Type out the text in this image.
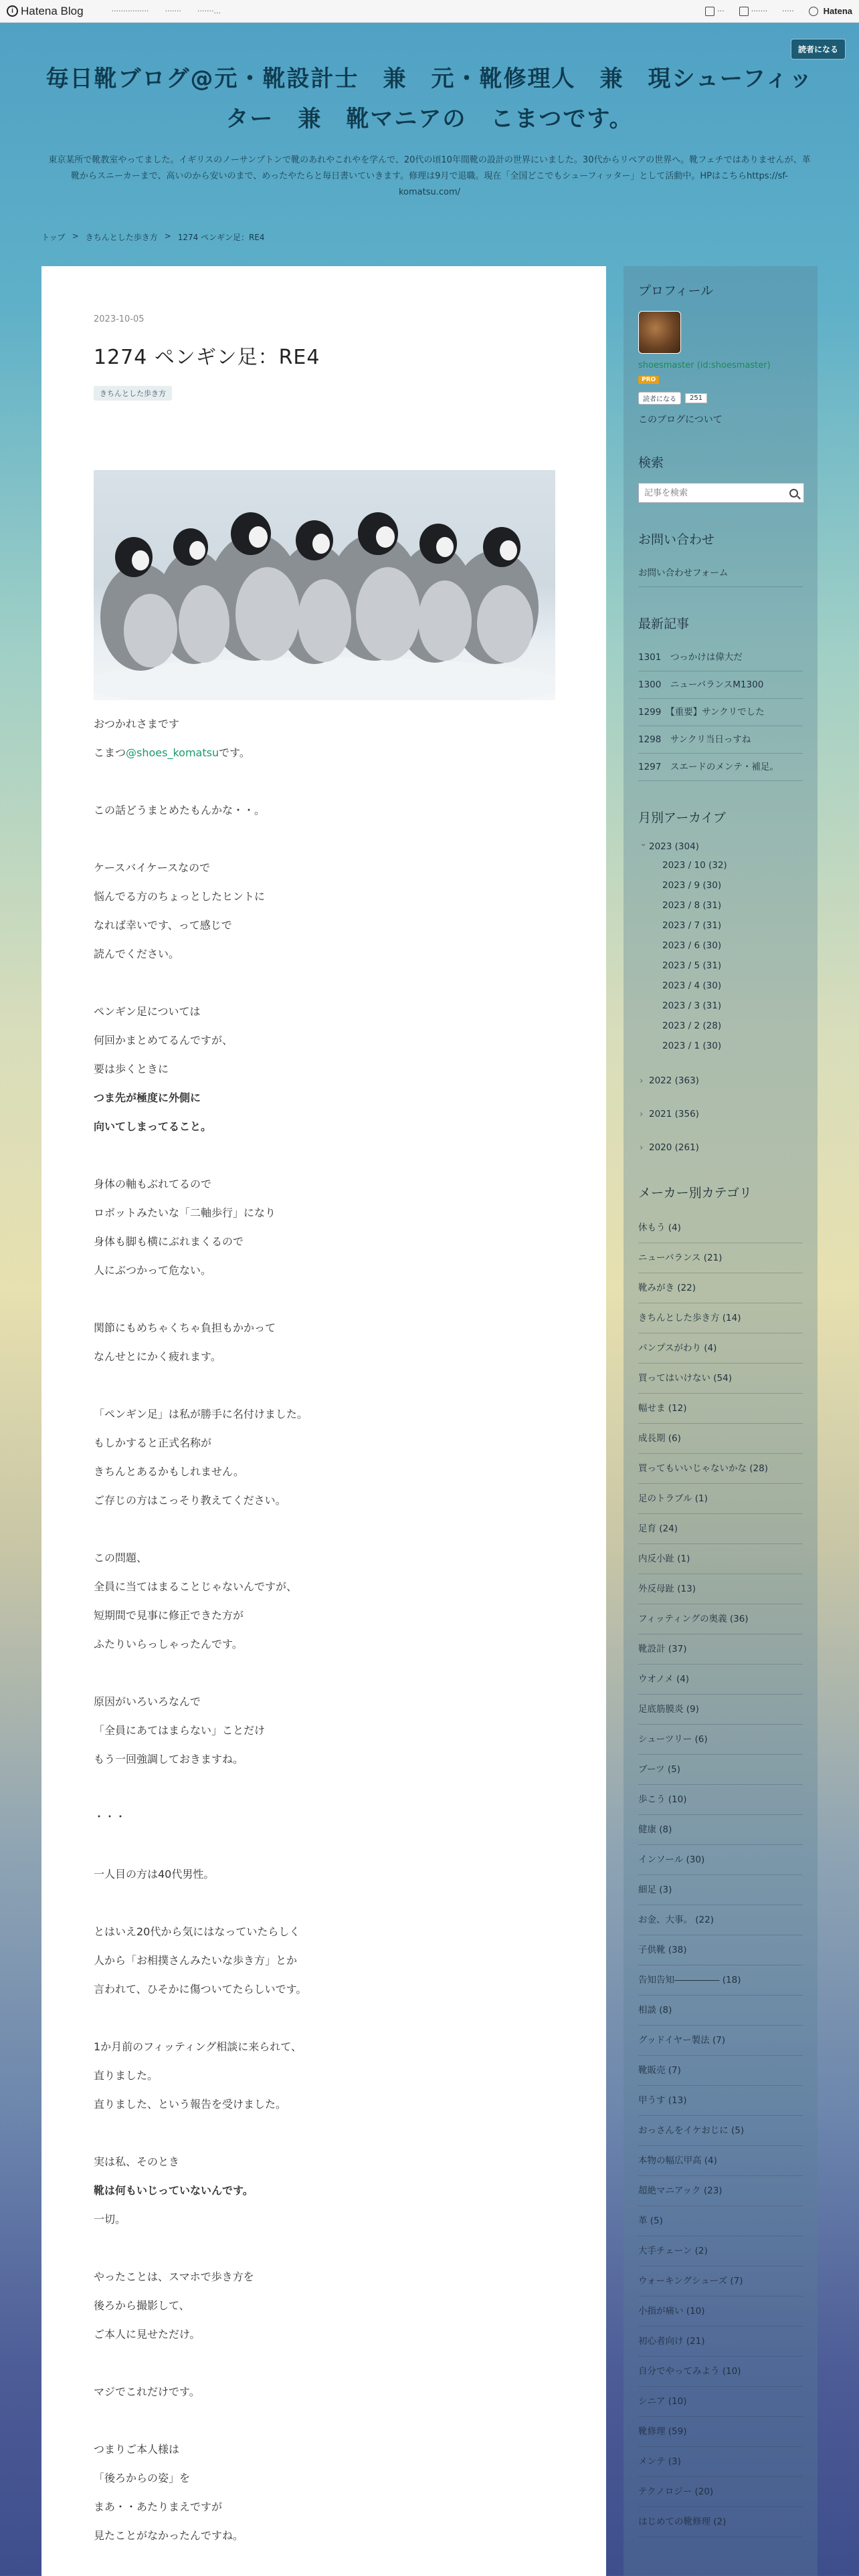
i Hatena Blog	················ ······· ·······...	···	······· ·····	Hatena
読者になる
毎日靴ブログ@元・靴設計士　兼　元・靴修理人　兼　現シューフィッター　兼　靴マニアの　こまつです。

東京某所で靴教室やってました。イギリスのノーサンプトンで靴のあれやこれやを学んで、20代の頃10年間靴の設計の世界にいました。30代からリペアの世界へ。靴フェチではありませんが、革靴からスニーカーまで、高いのから安いのまで、めったやたらと毎日書いていきます。修理は9月で退職。現在「全国どこでもシューフィッター」として活動中。HPはこちらhttps://sf-komatsu.com/

トップ > きちんとした歩き方 > 1274 ペンギン足：RE4
2023-10-05
1274 ペンギン足：RE4
きちんとした歩き方

おつかれさまです

こまつ@shoes_komatsuです。

この話どうまとめたもんかな・・。

ケースバイケースなので

悩んでる方のちょっとしたヒントに

なれば幸いです、って感じで

読んでください。

ペンギン足については

何回かまとめてるんですが、

要は歩くときに

つま先が極度に外側に

向いてしまってること。

身体の軸もぶれてるので

ロボットみたいな「二軸歩行」になり

身体も脚も横にぶれまくるので

人にぶつかって危ない。

関節にもめちゃくちゃ負担もかかって

なんせとにかく疲れます。

「ペンギン足」は私が勝手に名付けました。

もしかすると正式名称が

きちんとあるかもしれません。

ご存じの方はこっそり教えてください。

この問題、

全員に当てはまることじゃないんですが、

短期間で見事に修正できた方が

ふたりいらっしゃったんです。

原因がいろいろなんで

「全員にあてはまらない」ことだけ

もう一回強調しておきますね。

・・・

一人目の方は40代男性。

とはいえ20代から気にはなっていたらしく

人から「お相撲さんみたいな歩き方」とか

言われて、ひそかに傷ついてたらしいです。

1か月前のフィッティング相談に来られて、

直りました。

直りました、という報告を受けました。

実は私、そのとき

靴は何もいじっていないんです。

一切。

やったことは、スマホで歩き方を

後ろから撮影して、

ご本人に見せただけ。

マジでこれだけです。

つまりご本人様は

「後ろからの姿」を

まあ・・あたりまえですが

見たことがなかったんですね。

プロフィール
shoesmaster (id:shoesmaster)
PRO
読者になる	251
このブログについて
検索
記事を検索
お問い合わせ
お問い合わせフォーム
最新記事
1301　つっかけは偉大だ
1300　ニューバランスM1300
1299　【重要】サンクリでした
1298　サンクリ当日っすね
1297　スエードのメンテ・補足。
月別アーカイブ
⌄ 2023 (304)
2023 / 10 (32)
2023 / 9 (30)
2023 / 8 (31)
2023 / 7 (31)
2023 / 6 (30)
2023 / 5 (31)
2023 / 4 (30)
2023 / 3 (31)
2023 / 2 (28)
2023 / 1 (30)
› 2022 (363)
› 2021 (356)
› 2020 (261)
メーカー別カテゴリ
休もう (4)
ニューバランス (21)
靴みがき (22)
きちんとした歩き方 (14)
パンプスがわり (4)
買ってはいけない (54)
幅せま (12)
成長期 (6)
買ってもいいじゃないかな (28)
足のトラブル (1)
足育 (24)
内反小趾 (1)
外反母趾 (13)
フィッティングの奥義 (36)
靴設計 (37)
ウオノメ (4)
足底筋膜炎 (9)
シューツリー (6)
ブーツ (5)
歩こう (10)
健康 (8)
インソール (30)
細足 (3)
お金、大事。 (22)
子供靴 (38)
告知告知――――― (18)
相談 (8)
グッドイヤー製法 (7)
靴販売 (7)
甲うす (13)
おっさんをイケおじに (5)
本物の幅広甲高 (4)
超絶マニアック (23)
革 (5)
大手チェーン (2)
ウォーキングシューズ (7)
小指が痛い (10)
初心者向け (21)
自分でやってみよう (10)
シニア (10)
靴修理 (59)
メンテ (3)
テクノロジー (20)
はじめての靴修理 (2)
